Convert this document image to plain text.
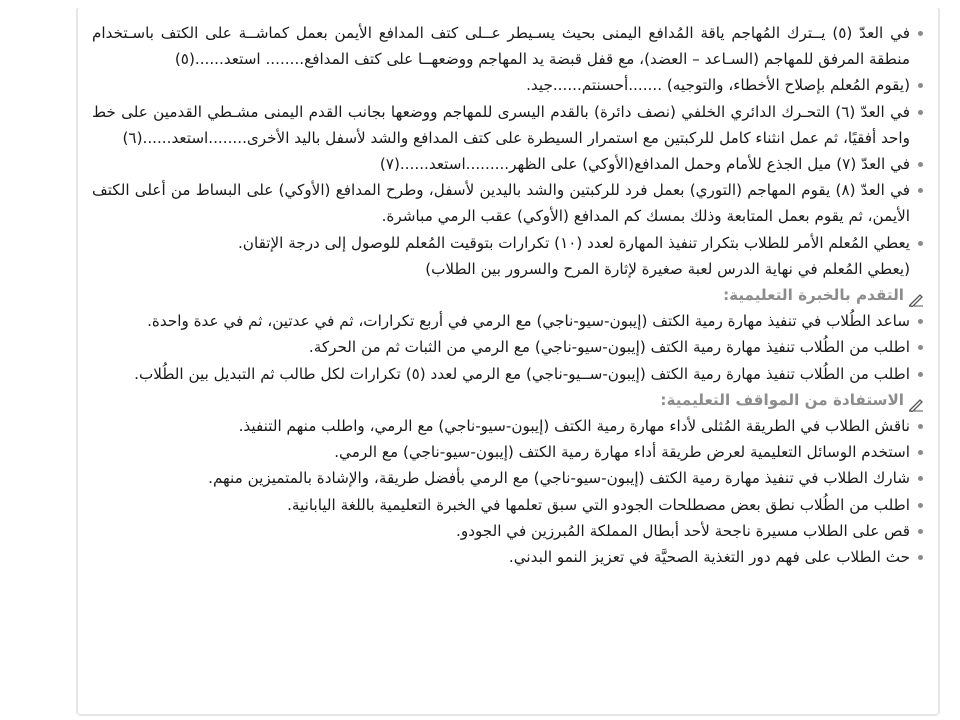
في العدّ (٥) يــترك المُهاجم ياقة المُدافع اليمنى بحيث يسـيطر عــلى كتف المدافع الأيمن بعمل كماشــة على الكتف باسـتخدام منطقة المرفق للمهاجم (السـاعد – العضد)، مع قفل قبضة يد المهاجم ووضعهــا على كتف المدافع........ استعد......(٥)
(يقوم المُعلم بإصلاح الأخطاء، والتوجيه) .......أحسنتم......جيد.
في العدّ (٦) التحـرك الدائري الخلفي (نصف دائرة) بالقدم اليسرى للمهاجم ووضعها بجانب القدم اليمنى مشـطي القدمين على خط واحد أفقيًا، ثم عمل انثناء كامل للركبتين مع استمرار السيطرة على كتف المدافع والشد لأسفل باليد الأخرى........استعد......(٦)
في العدّ (٧) ميل الجذع للأمام وحمل المدافع(الأوكي) على الظهر.........استعد......(٧)
في العدّ (٨) يقوم المهاجم (التوري) بعمل فرد للركبتين والشد باليدين لأسفل، وطرح المدافع (الأوكي) على البساط من أعلى الكتف الأيمن، ثم يقوم بعمل المتابعة وذلك بمسك كم المدافع (الأوكي) عقب الرمي مباشرة.
يعطي المُعلم الأمر للطلاب بتكرار تنفيذ المهارة لعدد (١٠) تكرارات بتوقيت المُعلم للوصول إلى درجة الإتقان.
(يعطي المُعلم في نهاية الدرس لعبة صغيرة لإثارة المرح والسرور بين الطلاب)
التقدم بالخبرة التعليمية:
ساعد الطُلاب في تنفيذ مهارة رمية الكتف (إيبون-سيو-ناجي) مع الرمي في أربع تكرارات، ثم في عدتين، ثم في عدة واحدة.
اطلب من الطُلاب تنفيذ مهارة رمية الكتف (إيبون-سيو-ناجي) مع الرمي من الثبات ثم من الحركة.
اطلب من الطُلاب تنفيذ مهارة رمية الكتف (إيبون-ســيو-ناجي) مع الرمي لعدد (٥) تكرارات لكل طالب ثم التبديل بين الطُلاب.
الاستفادة من المواقف التعليمية:
ناقش الطلاب في الطريقة المُثلى لأداء مهارة رمية الكتف (إيبون-سيو-ناجي) مع الرمي، واطلب منهم التنفيذ.
استخدم الوسائل التعليمية لعرض طريقة أداء مهارة رمية الكتف (إيبون-سيو-ناجي) مع الرمي.
شارك الطلاب في تنفيذ مهارة رمية الكتف (إيبون-سيو-ناجي) مع الرمي بأفضل طريقة، والإشادة بالمتميزين منهم.
اطلب من الطُلاب نطق بعض مصطلحات الجودو التي سبق تعلمها في الخبرة التعليمية باللغة اليابانية.
قص على الطلاب مسيرة ناجحة لأحد أبطال المملكة المُبرزين في الجودو.
حث الطلاب على فهم دور التغذية الصحيَّة في تعزيز النمو البدني.
